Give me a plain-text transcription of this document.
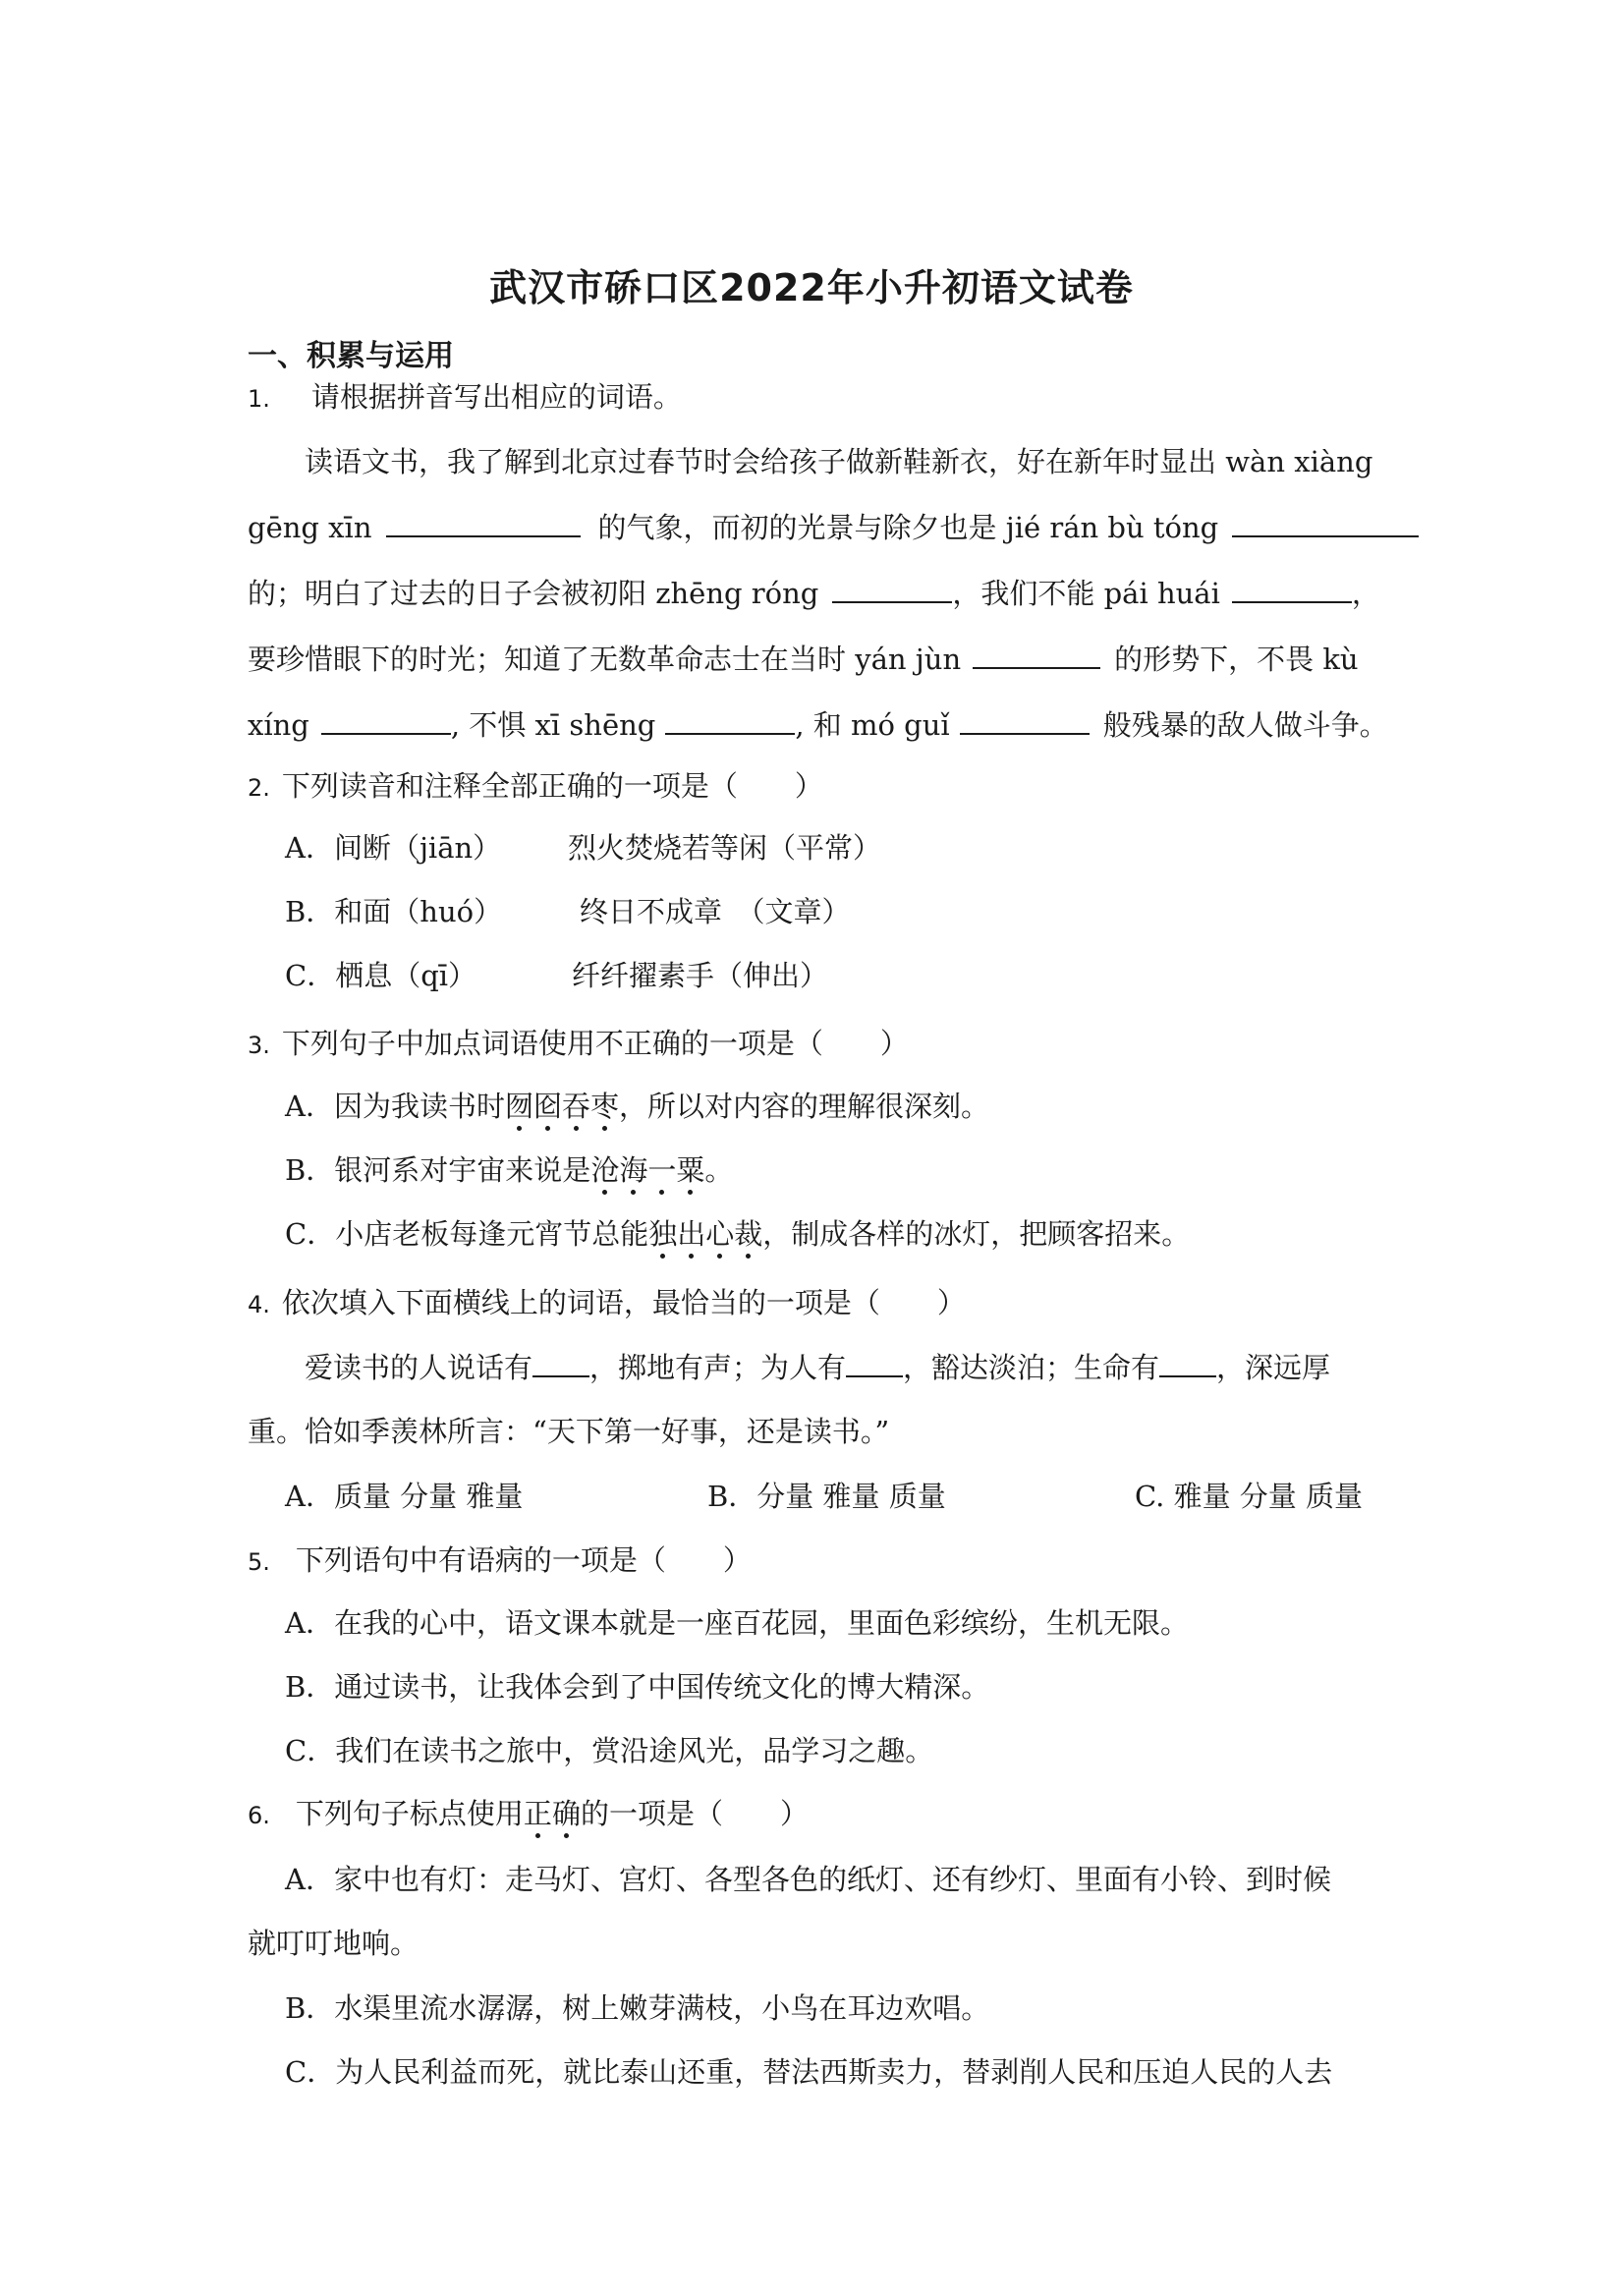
武汉市硚口区2022年小升初语文试卷
一、积累与运用
1. 请根据拼音写出相应的词语。
读语文书，我了解到北京过春节时会给孩子做新鞋新衣，好在新年时显出 wàn xiàng
gēng xīn	的气象，而初的光景与除夕也是 jié rán bù tóng
的；明白了过去的日子会被初阳 zhēng róng	，我们不能 pái huái	，
要珍惜眼下的时光；知道了无数革命志士在当时 yán jùn	的形势下，不畏 kù
xíng	, 不惧 xī shēng	, 和 mó guǐ	般残暴的敌人做斗争。
2. 下列读音和注释全部正确的一项是（　　）
A．间断（jiān） 烈火焚烧若等闲（平常）
B．和面（huó）	终日不成章　（文章）
C．栖息（qī）	纤纤擢素手（伸出）
3. 下列句子中加点词语使用不正确的一项是（　　）
A．因为我读书时囫囵吞枣，所以对内容的理解很深刻。
B．银河系对宇宙来说是沧海一粟。
C．小店老板每逢元宵节总能独出心裁，制成各样的冰灯，把顾客招来。
4. 依次填入下面横线上的词语，最恰当的一项是（　　）
爱读书的人说话有 ，掷地有声；为人有 ，豁达淡泊；生命有 ，深远厚
重。恰如季羡林所言：“天下第一好事，还是读书。”
A．质量 分量 雅量	B．分量 雅量 质量	C. 雅量 分量 质量
5. 下列语句中有语病的一项是（　　）
A．在我的心中，语文课本就是一座百花园，里面色彩缤纷，生机无限。
B．通过读书，让我体会到了中国传统文化的博大精深。
C．我们在读书之旅中，赏沿途风光，品学习之趣。
6. 下列句子标点使用正确的一项是（　　）
A．家中也有灯：走马灯、宫灯、各型各色的纸灯、还有纱灯、里面有小铃、到时候
就叮叮地响。
B．水渠里流水潺潺，树上嫩芽满枝，小鸟在耳边欢唱。
C．为人民利益而死，就比泰山还重，替法西斯卖力，替剥削人民和压迫人民的人去
